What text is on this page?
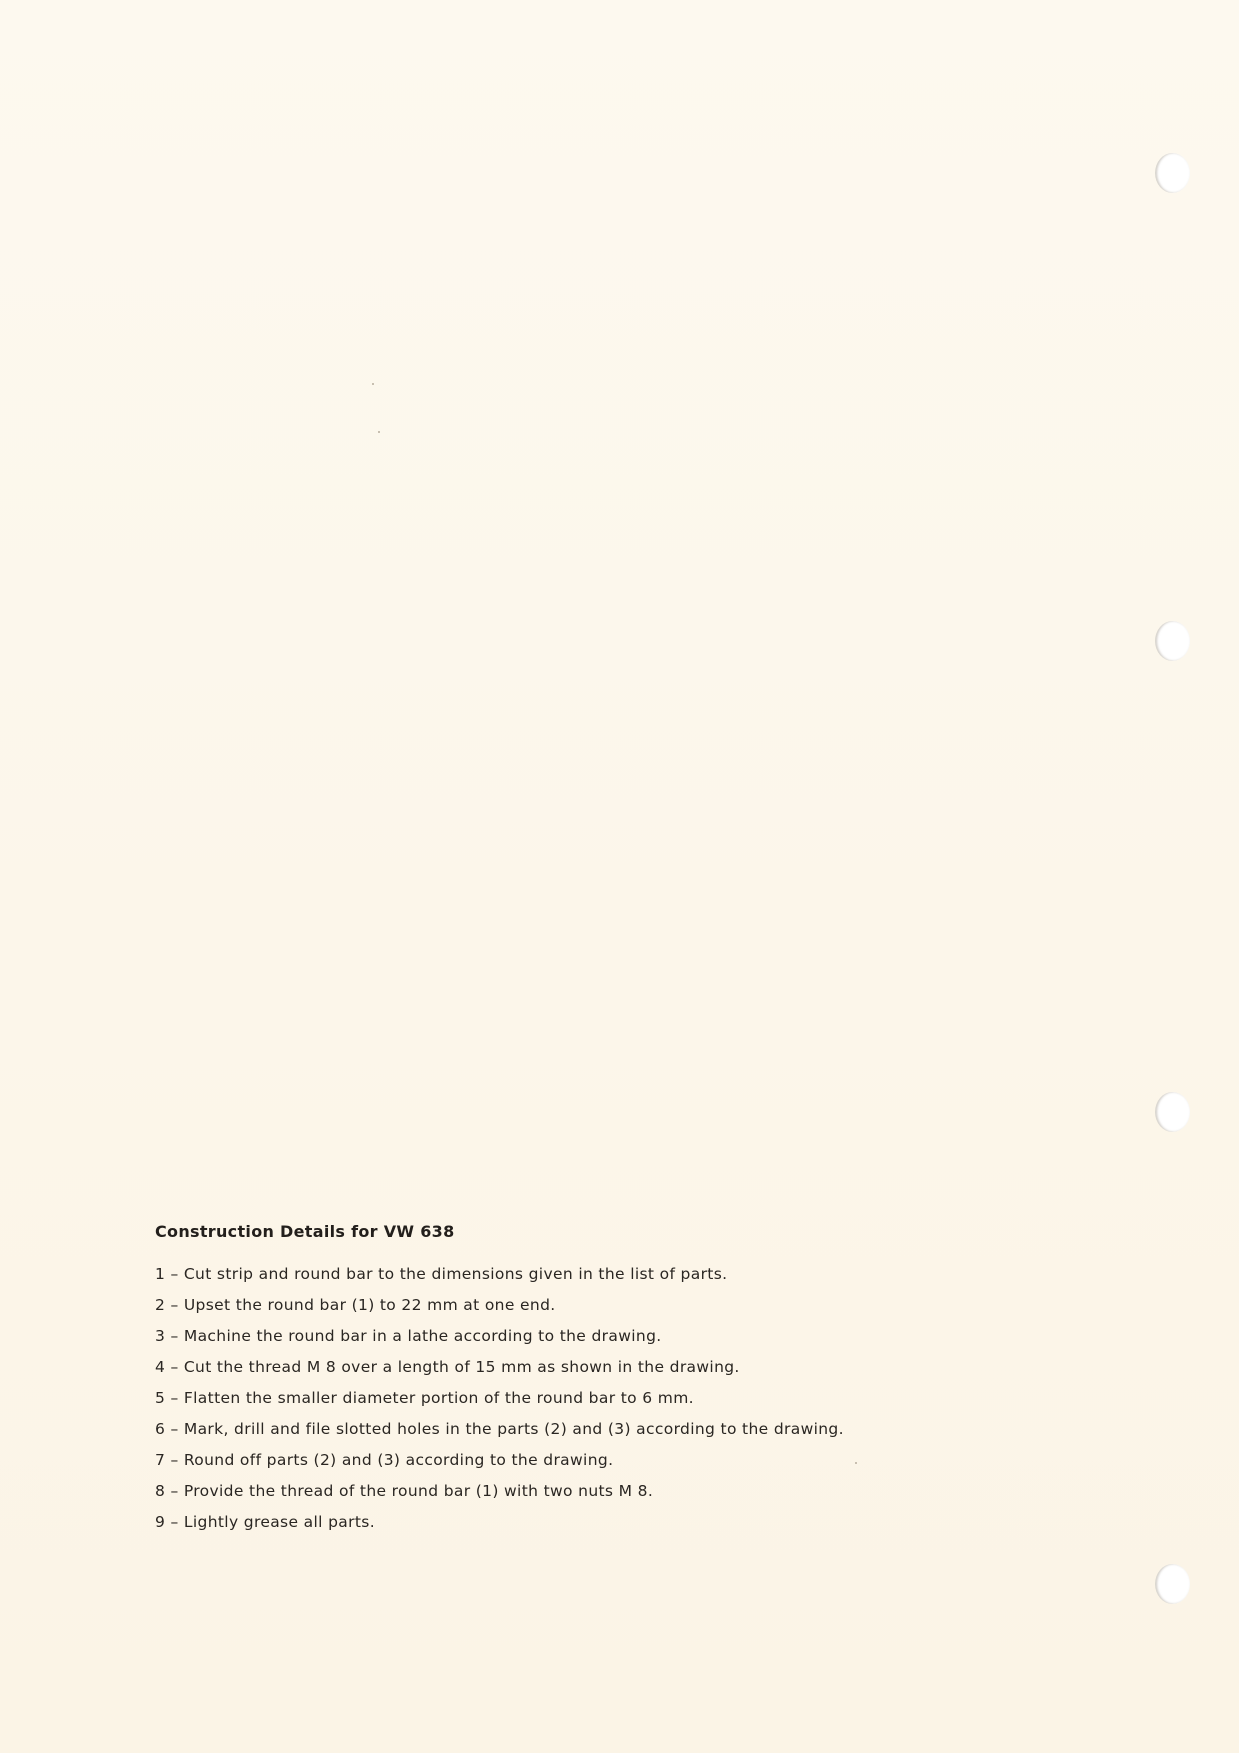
Construction Details for VW 638
1 – Cut strip and round bar to the dimensions given in the list of parts.
2 – Upset the round bar (1) to 22 mm at one end.
3 – Machine the round bar in a lathe according to the drawing.
4 – Cut the thread M 8 over a length of 15 mm as shown in the drawing.
5 – Flatten the smaller diameter portion of the round bar to 6 mm.
6 – Mark, drill and file slotted holes in the parts (2) and (3) according to the drawing.
7 – Round off parts (2) and (3) according to the drawing.
8 – Provide the thread of the round bar (1) with two nuts M 8.
9 – Lightly grease all parts.
